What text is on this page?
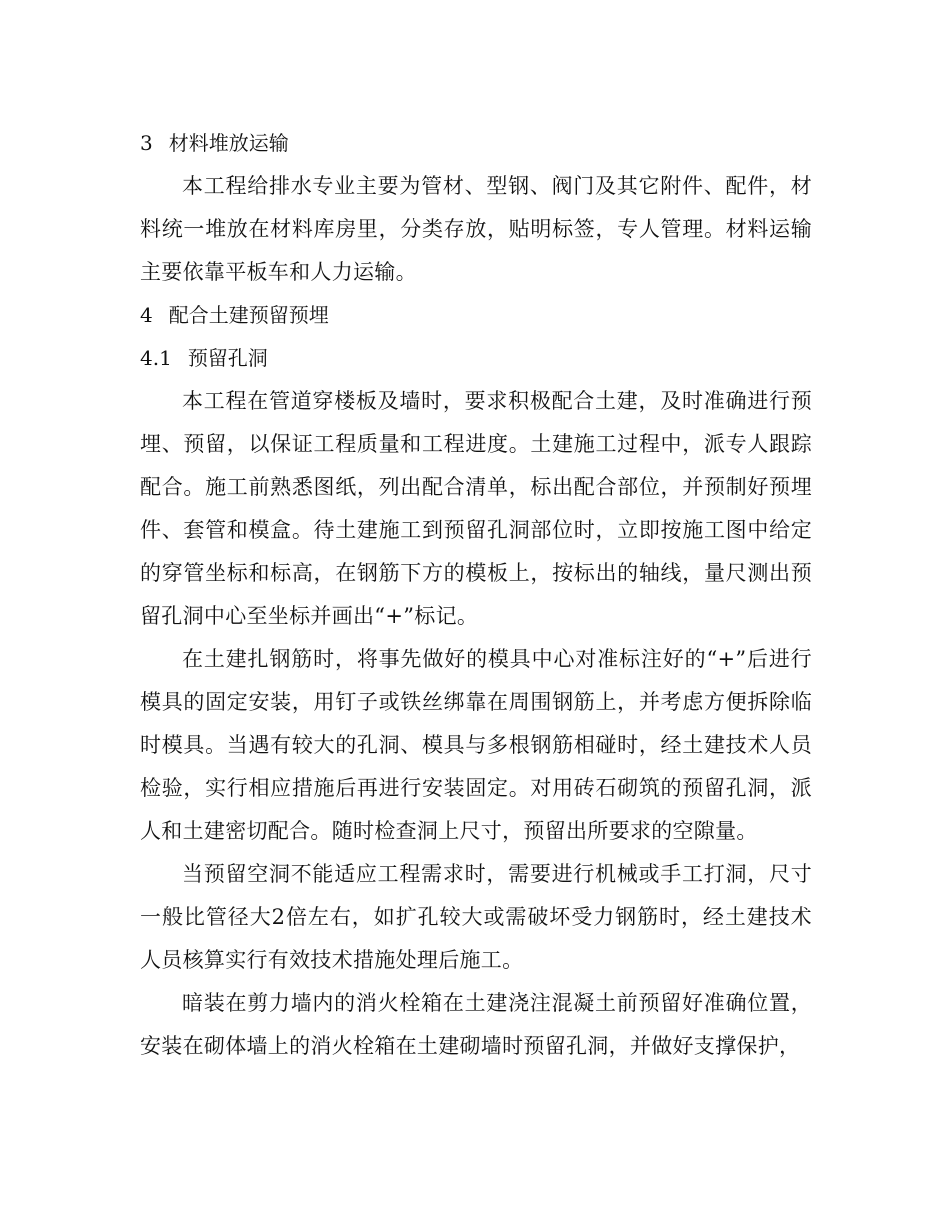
3 材料堆放运输

本工程给排水专业主要为管材、型钢、阀门及其它附件、配件，材料统一堆放在材料库房里，分类存放，贴明标签，专人管理。材料运输主要依靠平板车和人力运输。

4 配合土建预留预埋
4.1 预留孔洞

本工程在管道穿楼板及墙时，要求积极配合土建，及时准确进行预埋、预留，以保证工程质量和工程进度。土建施工过程中，派专人跟踪配合。施工前熟悉图纸，列出配合清单，标出配合部位，并预制好预埋件、套管和模盒。待土建施工到预留孔洞部位时，立即按施工图中给定的穿管坐标和标高，在钢筋下方的模板上，按标出的轴线，量尺测出预留孔洞中心至坐标并画出“+”标记。

在土建扎钢筋时，将事先做好的模具中心对准标注好的“+”后进行模具的固定安装，用钉子或铁丝绑靠在周围钢筋上，并考虑方便拆除临时模具。当遇有较大的孔洞、模具与多根钢筋相碰时，经土建技术人员检验，实行相应措施后再进行安装固定。对用砖石砌筑的预留孔洞，派人和土建密切配合。随时检查洞上尺寸，预留出所要求的空隙量。

当预留空洞不能适应工程需求时，需要进行机械或手工打洞，尺寸一般比管径大2倍左右，如扩孔较大或需破坏受力钢筋时，经土建技术人员核算实行有效技术措施处理后施工。

暗装在剪力墙内的消火栓箱在土建浇注混凝土前预留好准确位置，安装在砌体墙上的消火栓箱在土建砌墙时预留孔洞，并做好支撑保护，
